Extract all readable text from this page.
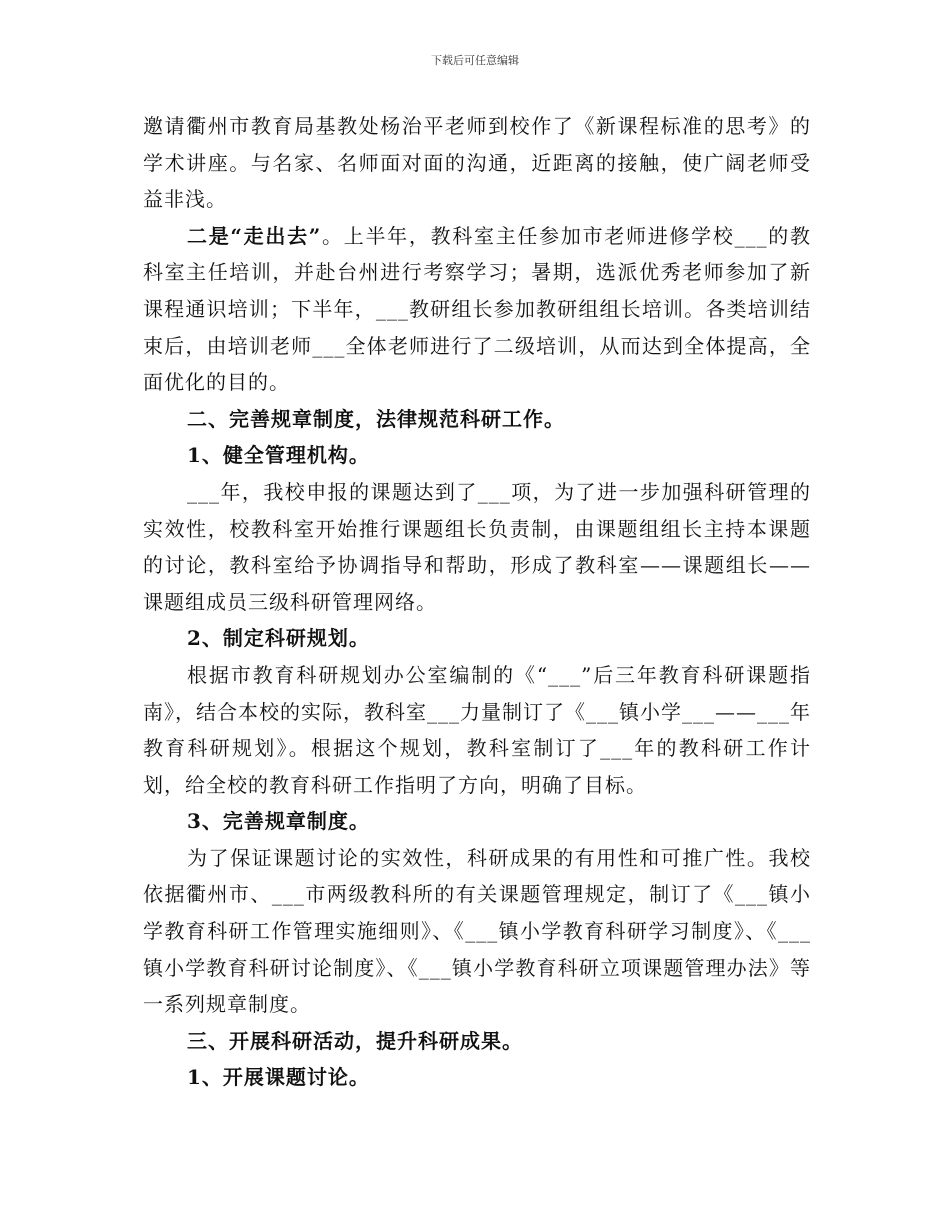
下载后可任意编辑

邀请衢州市教育局基教处杨治平老师到校作了《新课程标准的思考》的学术讲座。与名家、名师面对面的沟通，近距离的接触，使广阔老师受益非浅。

二是“走出去”。上半年，教科室主任参加市老师进修学校___的教科室主任培训，并赴台州进行考察学习；暑期，选派优秀老师参加了新课程通识培训；下半年，___教研组长参加教研组组长培训。各类培训结束后，由培训老师___全体老师进行了二级培训，从而达到全体提高，全面优化的目的。

二、完善规章制度，法律规范科研工作。

1、健全管理机构。

___年，我校申报的课题达到了___项，为了进一步加强科研管理的实效性，校教科室开始推行课题组长负责制，由课题组组长主持本课题的讨论，教科室给予协调指导和帮助，形成了教科室——课题组长——课题组成员三级科研管理网络。

2、制定科研规划。

根据市教育科研规划办公室编制的《“___”后三年教育科研课题指南》，结合本校的实际，教科室___力量制订了《___镇小学___——___年教育科研规划》。根据这个规划，教科室制订了___年的教科研工作计划，给全校的教育科研工作指明了方向，明确了目标。

3、完善规章制度。

为了保证课题讨论的实效性，科研成果的有用性和可推广性。我校依据衢州市、___市两级教科所的有关课题管理规定，制订了《___镇小学教育科研工作管理实施细则》、《___镇小学教育科研学习制度》、《___镇小学教育科研讨论制度》、《___镇小学教育科研立项课题管理办法》等一系列规章制度。

三、开展科研活动，提升科研成果。

1、开展课题讨论。
